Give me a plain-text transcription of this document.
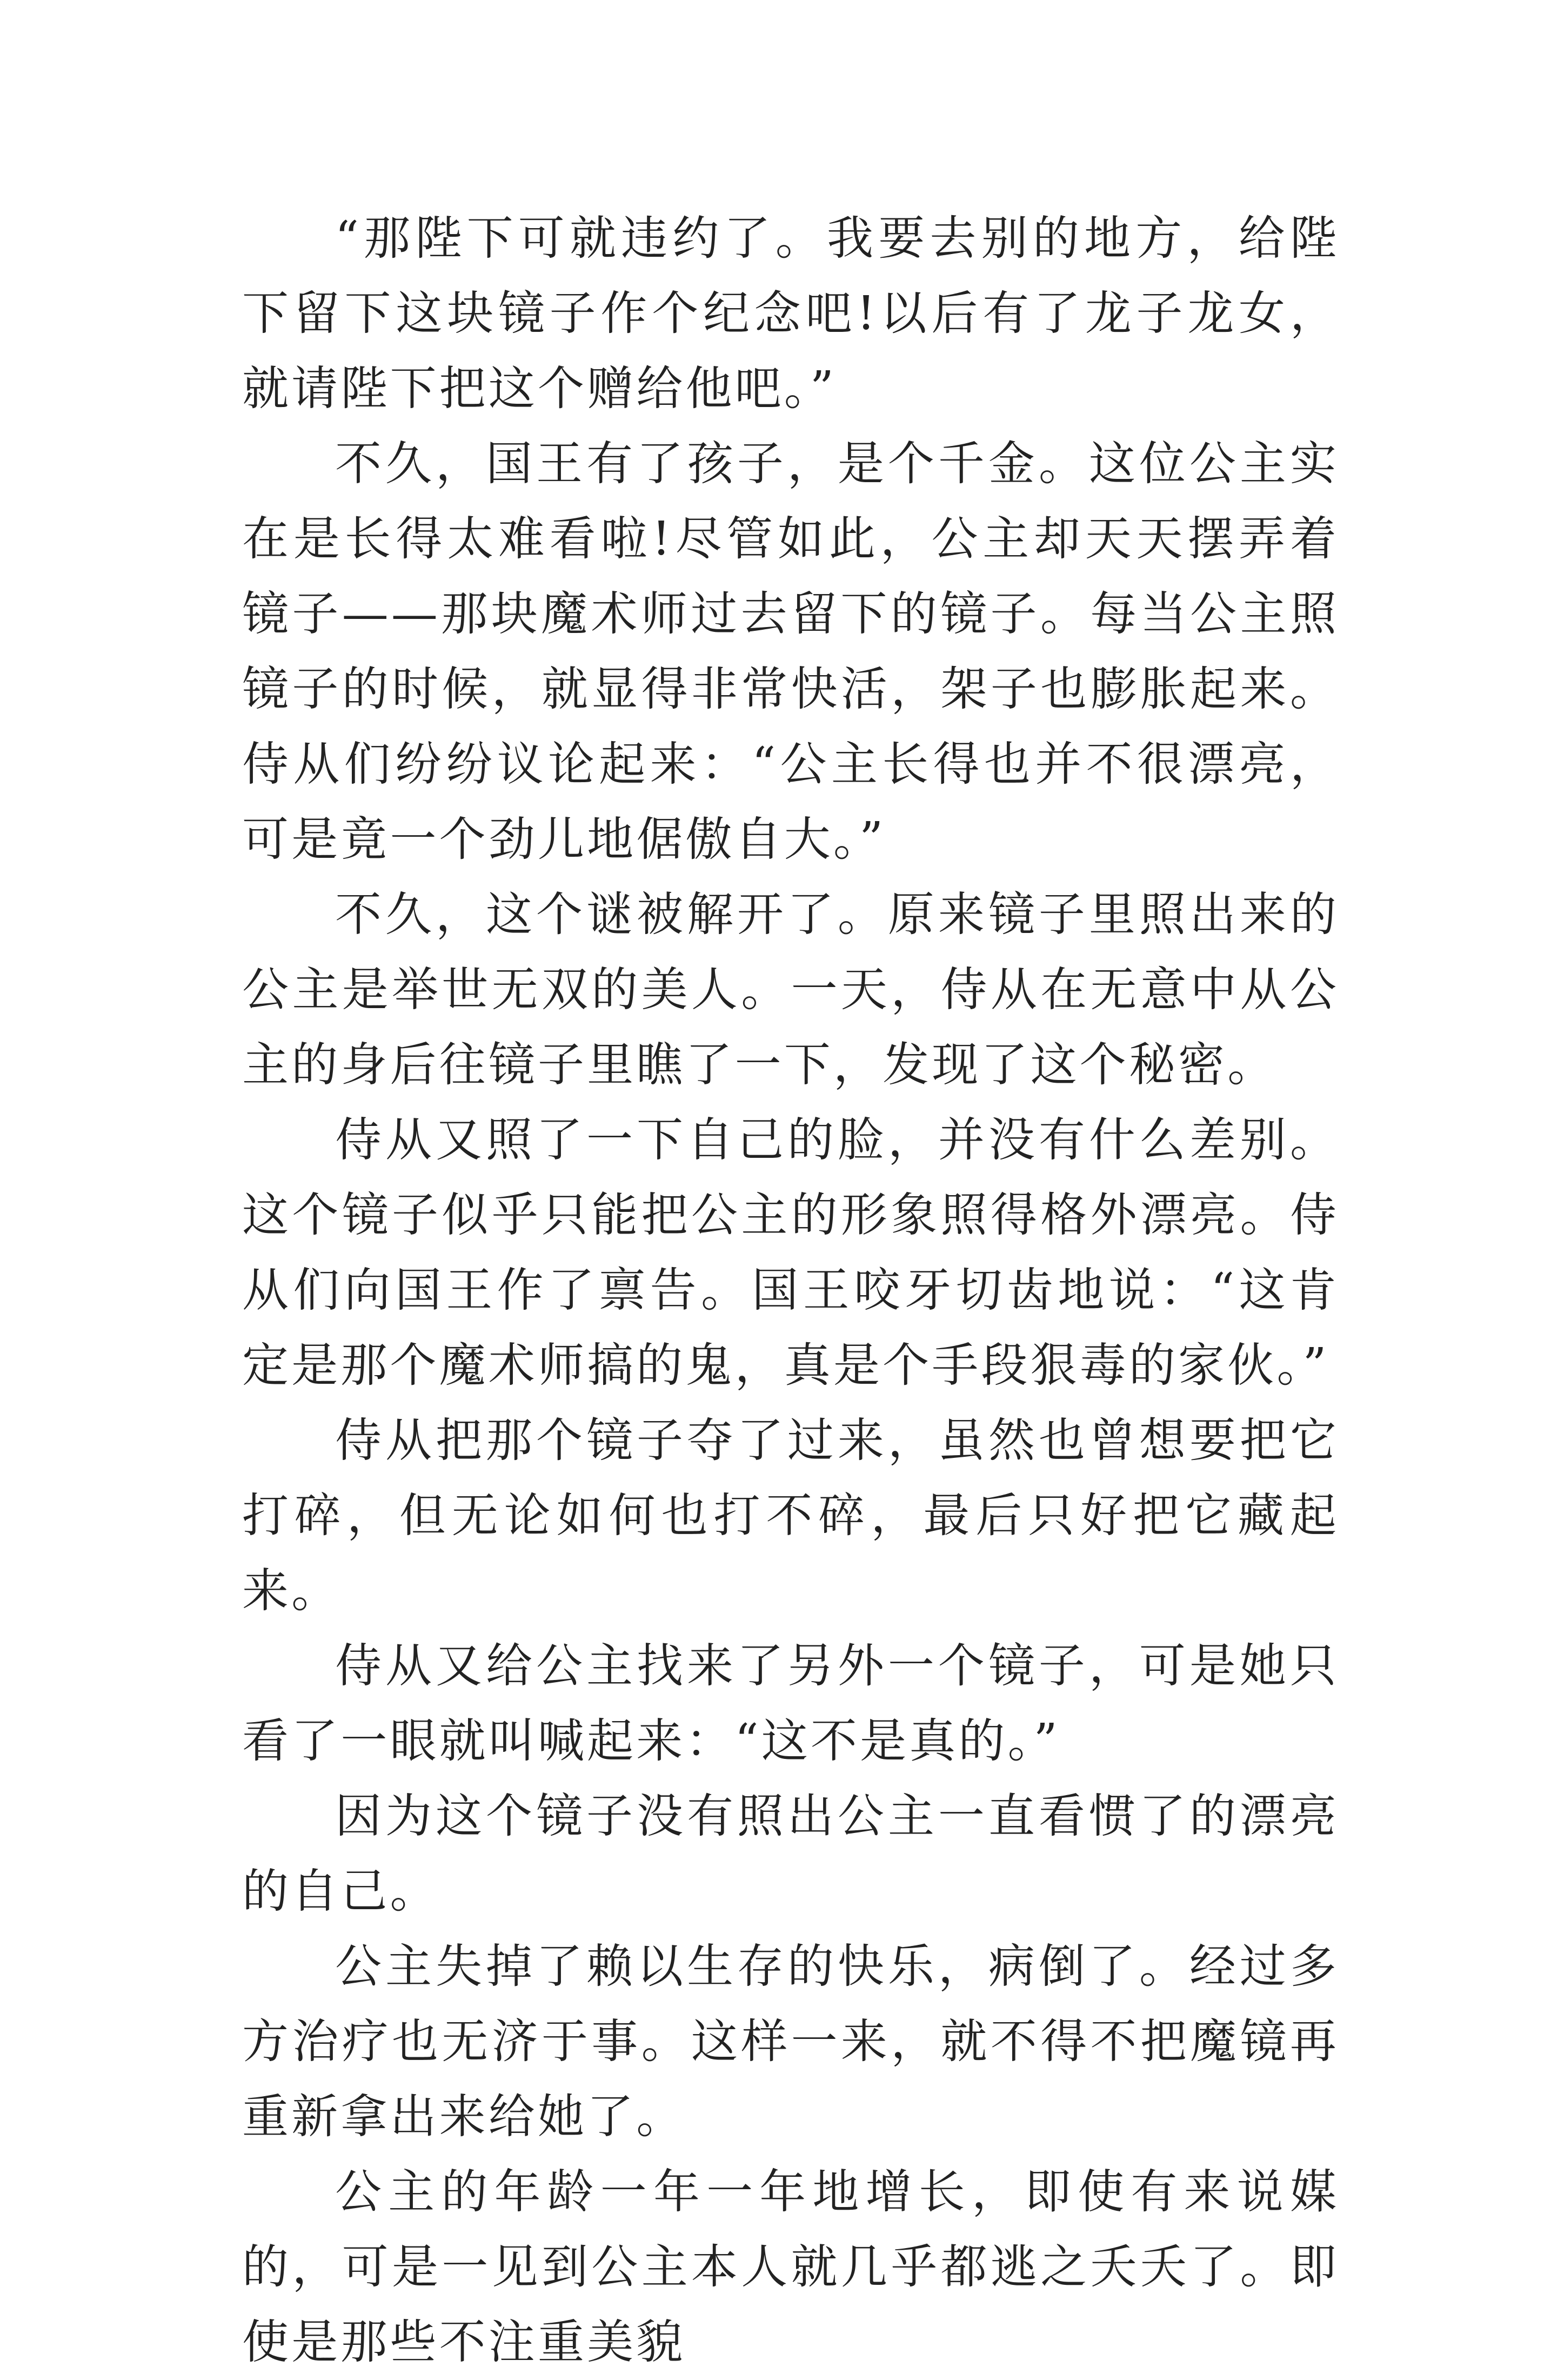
“那陛下可就违约了。我要去别的地方，给陛下留下这块镜子作个纪念吧!以后有了龙子龙女，就请陛下把这个赠给他吧。”

不久，国王有了孩子，是个千金。这位公主实在是长得太难看啦!尽管如此，公主却天天摆弄着镜子——那块魔术师过去留下的镜子。每当公主照镜子的时候，就显得非常快活，架子也膨胀起来。侍从们纷纷议论起来：“公主长得也并不很漂亮，可是竟一个劲儿地倨傲自大。”

不久，这个谜被解开了。原来镜子里照出来的公主是举世无双的美人。一天，侍从在无意中从公主的身后往镜子里瞧了一下，发现了这个秘密。

侍从又照了一下自己的脸，并没有什么差别。这个镜子似乎只能把公主的形象照得格外漂亮。侍从们向国王作了禀告。国王咬牙切齿地说：“这肯定是那个魔术师搞的鬼，真是个手段狠毒的家伙。”

侍从把那个镜子夺了过来，虽然也曾想要把它打碎，但无论如何也打不碎，最后只好把它藏起来。

侍从又给公主找来了另外一个镜子，可是她只看了一眼就叫喊起来：“这不是真的。”

因为这个镜子没有照出公主一直看惯了的漂亮的自己。

公主失掉了赖以生存的快乐，病倒了。经过多方治疗也无济于事。这样一来，就不得不把魔镜再重新拿出来给她了。

公主的年龄一年一年地增长，即使有来说媒的，可是一见到公主本人就几乎都逃之夭夭了。即使是那些不注重美貌
